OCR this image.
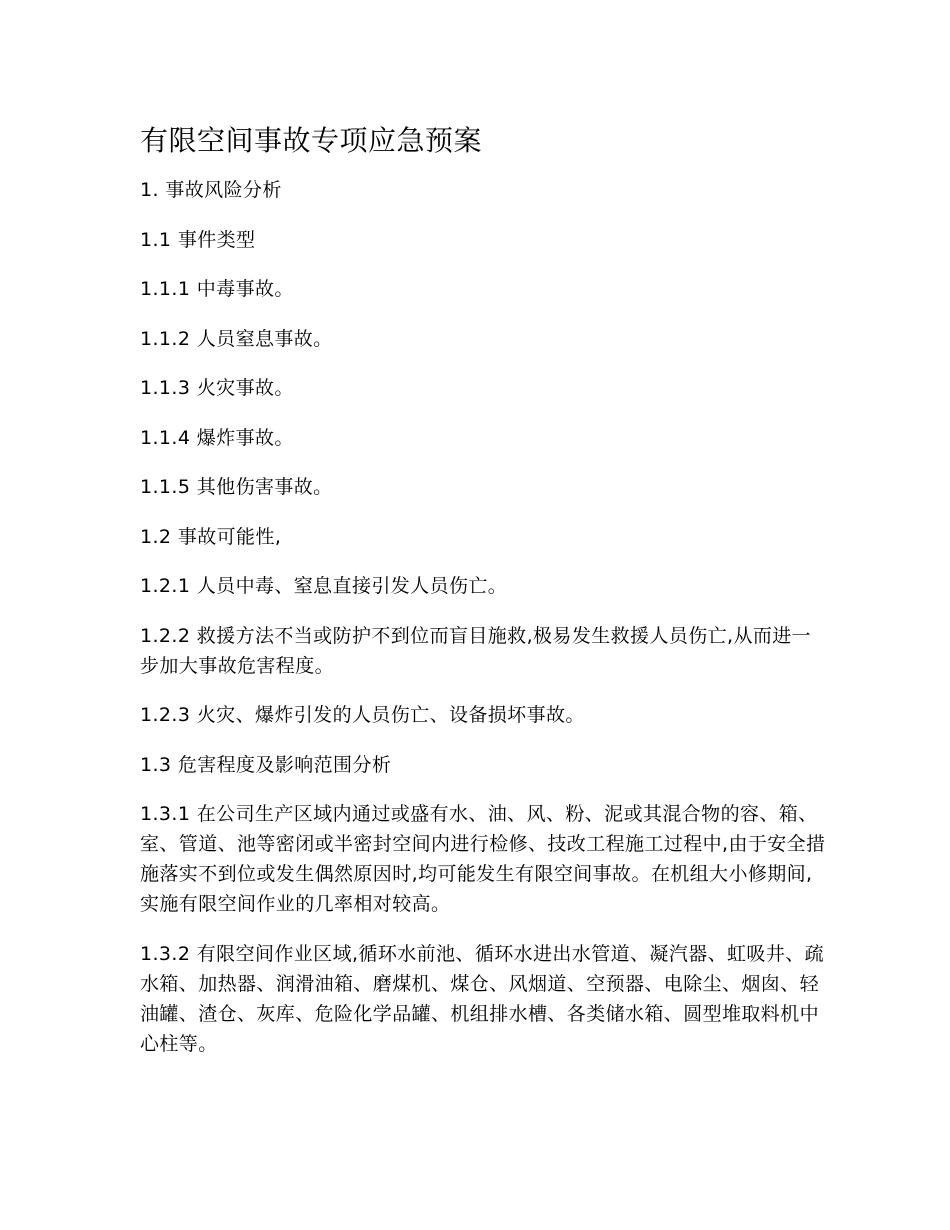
有限空间事故专项应急预案

1. 事故风险分析

1.1 事件类型

1.1.1 中毒事故。

1.1.2 人员窒息事故。

1.1.3 火灾事故。

1.1.4 爆炸事故。

1.1.5 其他伤害事故。

1.2 事故可能性,

1.2.1 人员中毒、窒息直接引发人员伤亡。

1.2.2 救援方法不当或防护不到位而盲目施救,极易发生救援人员伤亡,从而进一步加大事故危害程度。

1.2.3 火灾、爆炸引发的人员伤亡、设备损坏事故。

1.3 危害程度及影响范围分析

1.3.1 在公司生产区域内通过或盛有水、油、风、粉、泥或其混合物的容、箱、室、管道、池等密闭或半密封空间内进行检修、技改工程施工过程中,由于安全措施落实不到位或发生偶然原因时,均可能发生有限空间事故。在机组大小修期间,实施有限空间作业的几率相对较高。

1.3.2 有限空间作业区域,循环水前池、循环水进出水管道、凝汽器、虹吸井、疏水箱、加热器、润滑油箱、磨煤机、煤仓、风烟道、空预器、电除尘、烟囱、轻油罐、渣仓、灰库、危险化学品罐、机组排水槽、各类储水箱、圆型堆取料机中心柱等。
